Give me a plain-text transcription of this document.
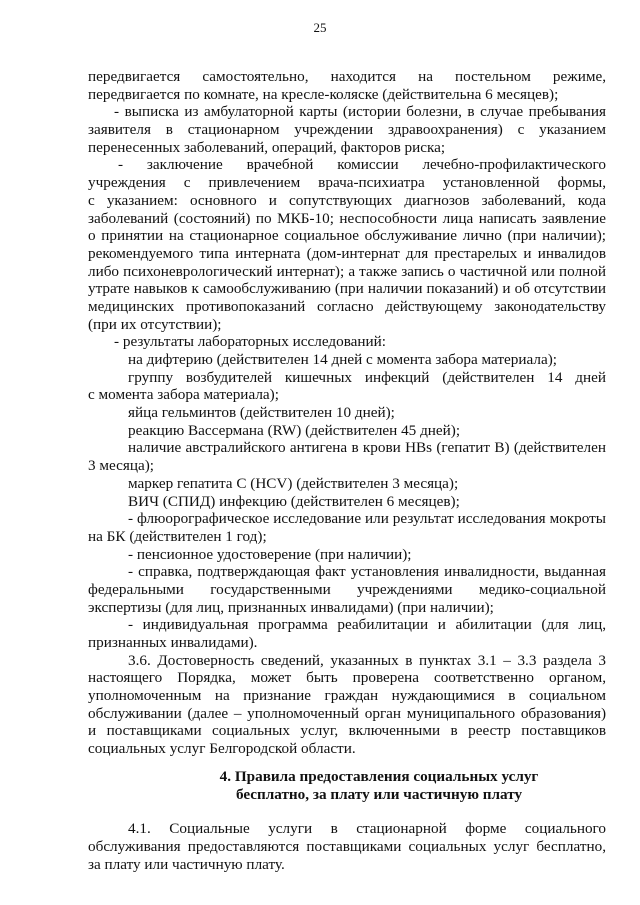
25
передвигается самостоятельно, находится на постельном режиме,
передвигается по комнате, на кресле-коляске (действительна 6 месяцев);
- выписка из амбулаторной карты (истории болезни, в случае пребывания
заявителя в стационарном учреждении здравоохранения) с указанием
перенесенных заболеваний, операций, факторов риска;
- заключение врачебной комиссии лечебно-профилактического
учреждения с привлечением врача-психиатра установленной формы,
с указанием: основного и сопутствующих диагнозов заболеваний, кода
заболеваний (состояний) по МКБ-10; неспособности лица написать заявление
о принятии на стационарное социальное обслуживание лично (при наличии);
рекомендуемого типа интерната (дом-интернат для престарелых и инвалидов
либо психоневрологический интернат); а также запись о частичной или полной
утрате навыков к самообслуживанию (при наличии показаний) и об отсутствии
медицинских противопоказаний согласно действующему законодательству
(при их отсутствии);
- результаты лабораторных исследований:
на дифтерию (действителен 14 дней с момента забора материала);
группу возбудителей кишечных инфекций (действителен 14 дней
с момента забора материала);
яйца гельминтов (действителен 10 дней);
реакцию Вассермана (RW) (действителен 45 дней);
наличие австралийского антигена в крови HBs (гепатит B) (действителен
3 месяца);
маркер гепатита C (HCV) (действителен 3 месяца);
ВИЧ (СПИД) инфекцию (действителен 6 месяцев);
- флюорографическое исследование или результат исследования мокроты
на БК (действителен 1 год);
- пенсионное удостоверение (при наличии);
- справка, подтверждающая факт установления инвалидности, выданная
федеральными государственными учреждениями медико-социальной
экспертизы (для лиц, признанных инвалидами) (при наличии);
- индивидуальная программа реабилитации и абилитации (для лиц,
признанных инвалидами).
3.6. Достоверность сведений, указанных в пунктах 3.1 – 3.3 раздела 3
настоящего Порядка, может быть проверена соответственно органом,
уполномоченным на признание граждан нуждающимися в социальном
обслуживании (далее – уполномоченный орган муниципального образования)
и поставщиками социальных услуг, включенными в реестр поставщиков
социальных услуг Белгородской области.
4. Правила предоставления социальных услуг
бесплатно, за плату или частичную плату
4.1. Социальные услуги в стационарной форме социального
обслуживания предоставляются поставщиками социальных услуг бесплатно,
за плату или частичную плату.
